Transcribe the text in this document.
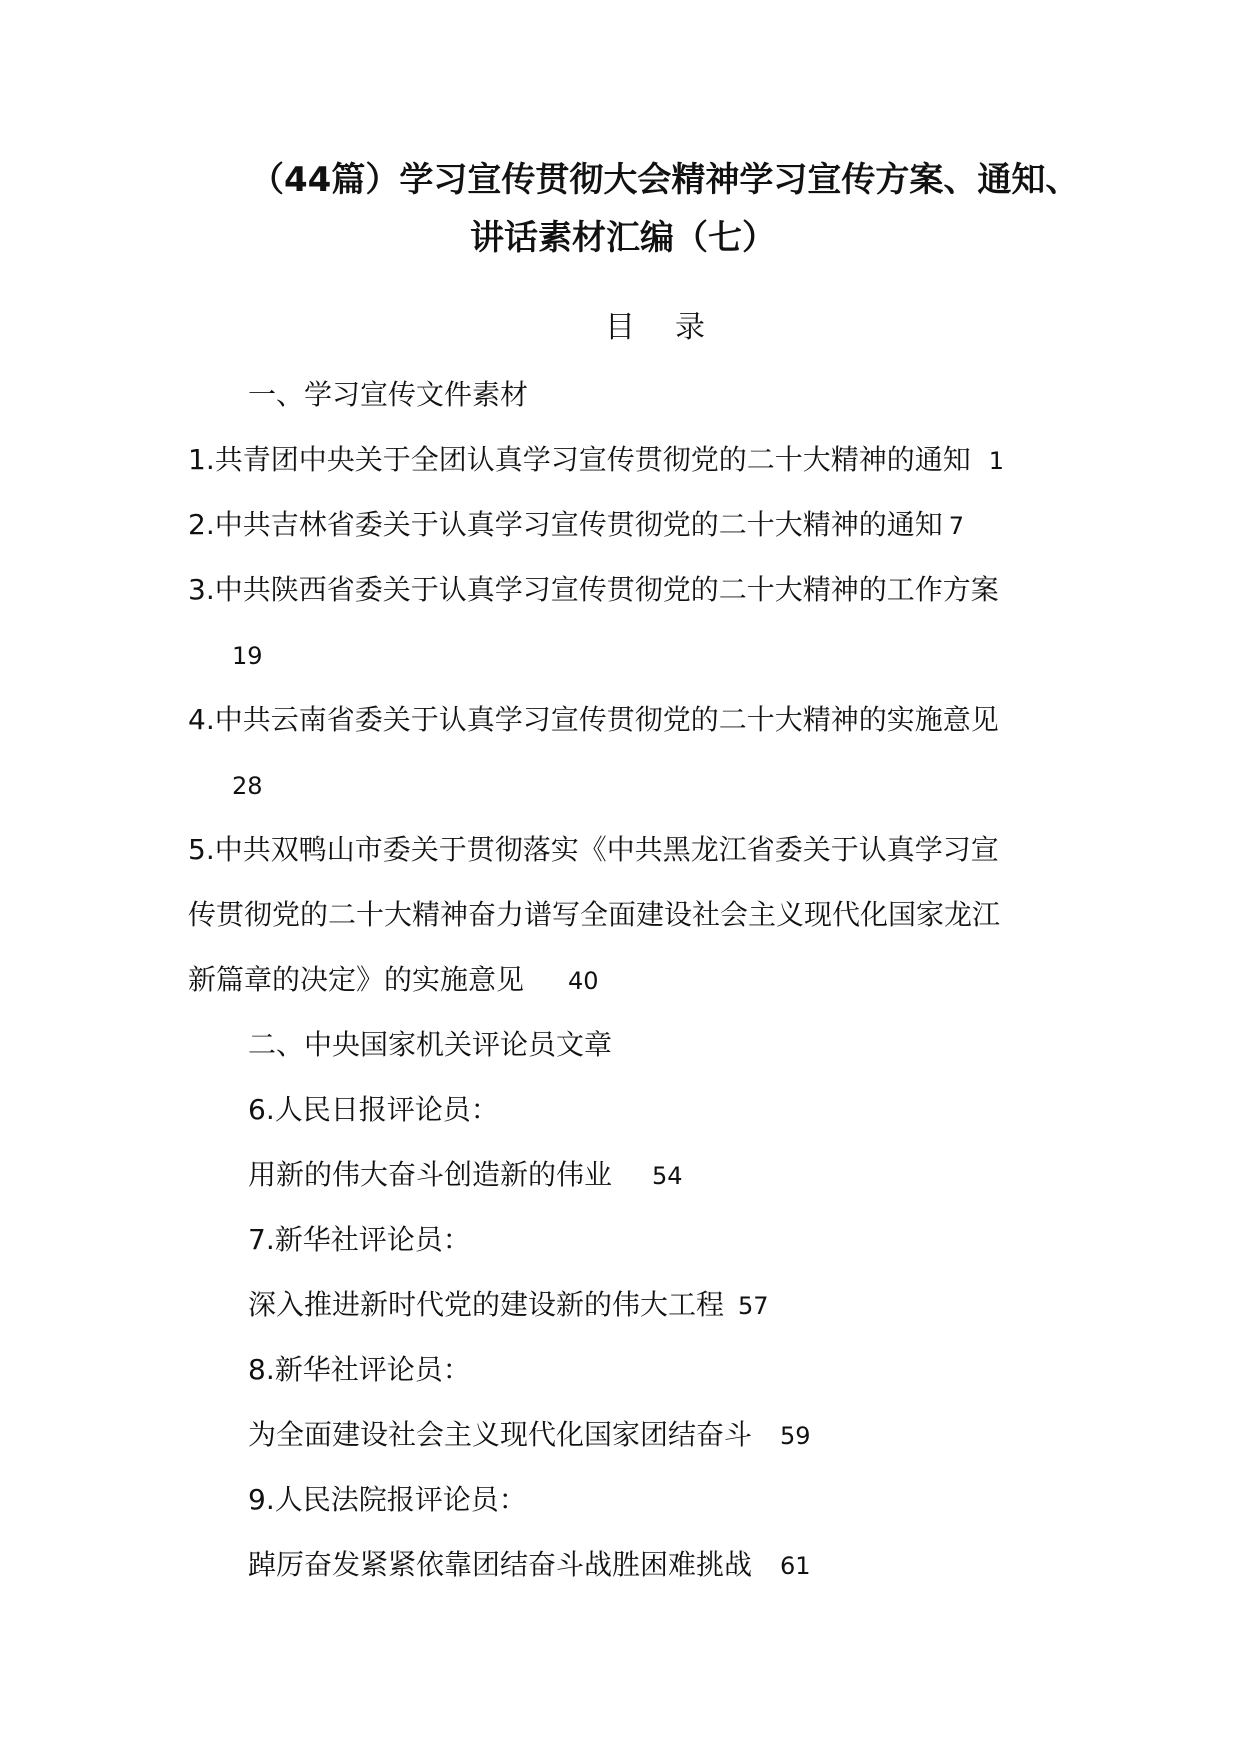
（44篇）学习宣传贯彻大会精神学习宣传方案、通知、
讲话素材汇编（七）
目 录
一、学习宣传文件素材
1.共青团中央关于全团认真学习宣传贯彻党的二十大精神的通知 1
2.中共吉林省委关于认真学习宣传贯彻党的二十大精神的通知 7
3.中共陕西省委关于认真学习宣传贯彻党的二十大精神的工作方案
19
4.中共云南省委关于认真学习宣传贯彻党的二十大精神的实施意见
28
5.中共双鸭山市委关于贯彻落实《中共黑龙江省委关于认真学习宣
传贯彻党的二十大精神奋力谱写全面建设社会主义现代化国家龙江
新篇章的决定》的实施意见 40
二、中央国家机关评论员文章
6.人民日报评论员：
用新的伟大奋斗创造新的伟业 54
7.新华社评论员：
深入推进新时代党的建设新的伟大工程 57
8.新华社评论员：
为全面建设社会主义现代化国家团结奋斗 59
9.人民法院报评论员：
踔厉奋发紧紧依靠团结奋斗战胜困难挑战 61
